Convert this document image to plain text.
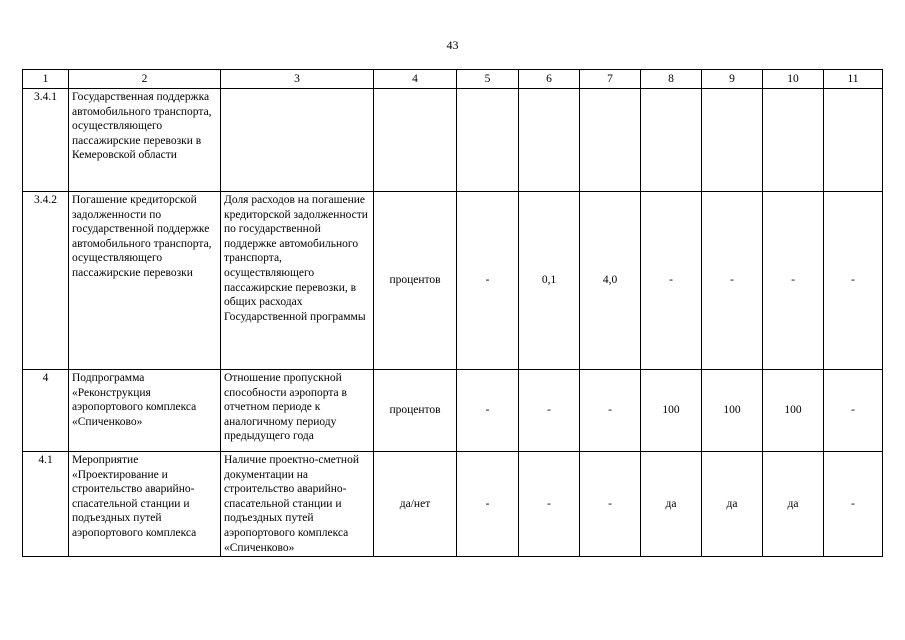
43
1	2	3	4	5	6	7	8	9	10	11
3.4.1	Государственная поддержка автомобильного транспорта, осуществляющего пассажирские перевозки в Кемеровской области									
3.4.2	Погашение кредиторской задолженности по государственной поддержке автомобильного транспорта, осуществляющего пассажирские перевозки	Доля расходов на погашение кредиторской задолженности по государственной поддержке автомобильного транспорта, осуществляющего пассажирские перевозки, в общих расходах Государственной программы	процентов	-	0,1	4,0	-	-	-	-
4	Подпрограмма «Реконструкция аэропортового комплекса «Спиченково»	Отношение пропускной способности аэропорта в отчетном периоде к аналогичному периоду предыдущего года	процентов	-	-	-	100	100	100	-
4.1	Мероприятие «Проектирование и строительство аварийно-спасательной станции и подъездных путей аэропортового комплекса	Наличие проектно-сметной документации на строительство аварийно-спасательной станции и подъездных путей аэропортового комплекса «Спиченково»	да/нет	-	-	-	да	да	да	-
